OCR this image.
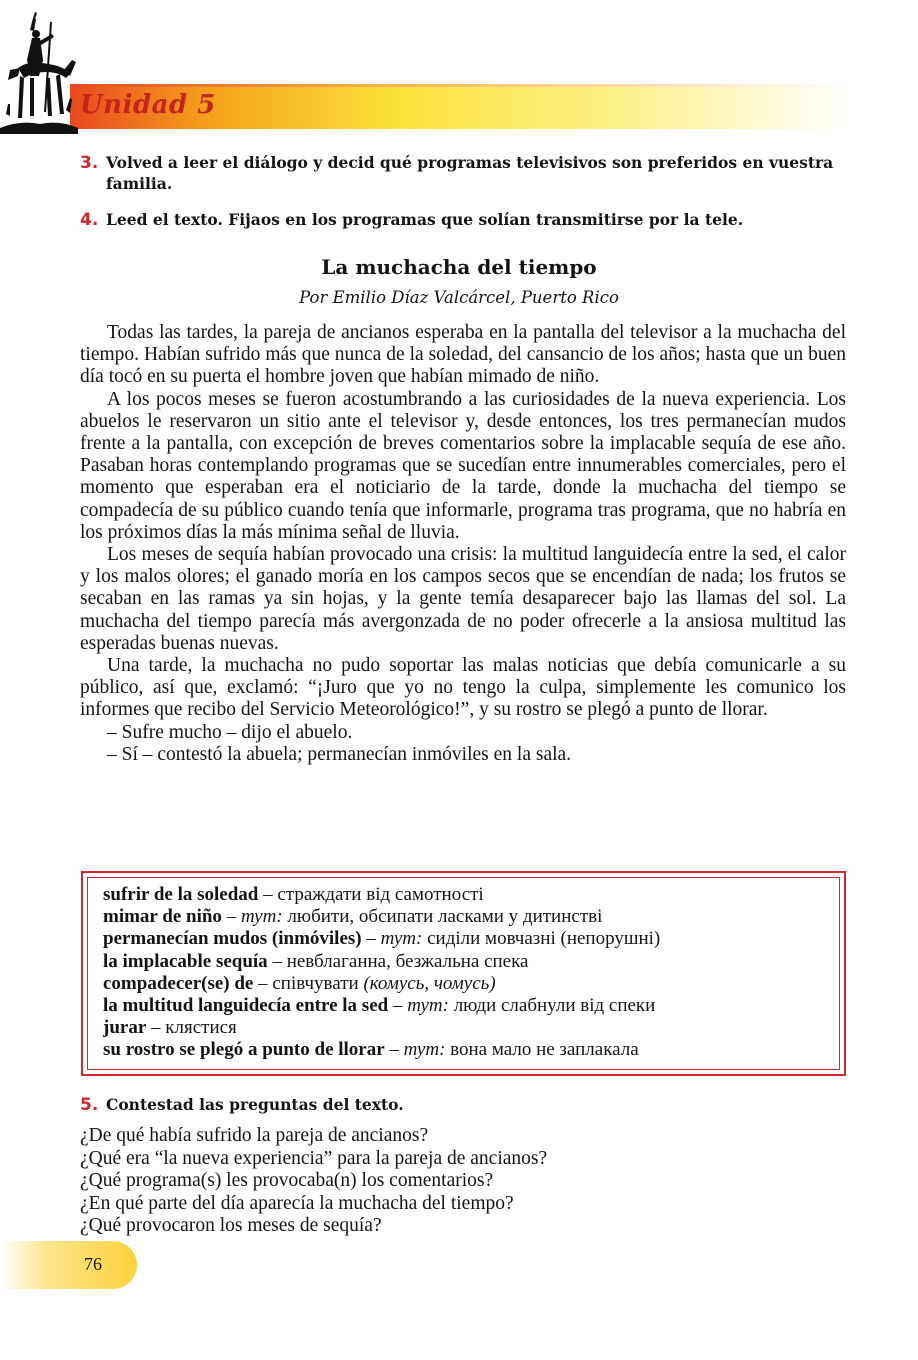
Unidad 5
3. Volved a leer el diálogo y decid qué programas televisivos son preferidos en vuestra familia.
4. Leed el texto. Fijaos en los programas que solían transmitirse por la tele.
La muchacha del tiempo
Por Emilio Díaz Valcárcel, Puerto Rico

Todas las tardes, la pareja de ancianos esperaba en la pantalla del televisor a la muchacha del tiempo. Habían sufrido más que nunca de la soledad, del cansancio de los años; hasta que un buen día tocó en su puerta el hombre joven que habían mimado de niño.

A los pocos meses se fueron acostumbrando a las curiosidades de la nueva experiencia. Los abuelos le reservaron un sitio ante el televisor y, desde entonces, los tres permanecían mudos frente a la pantalla, con excepción de breves comentarios sobre la implacable sequía de ese año. Pasaban horas contemplando programas que se sucedían entre innumerables comerciales, pero el momento que esperaban era el noticiario de la tarde, donde la muchacha del tiempo se compadecía de su público cuando tenía que informarle, programa tras programa, que no habría en los próximos días la más mínima señal de lluvia.

Los meses de sequía habían provocado una crisis: la multitud languidecía entre la sed, el calor y los malos olores; el ganado moría en los campos secos que se encendían de nada; los frutos se secaban en las ramas ya sin hojas, y la gente temía desaparecer bajo las llamas del sol. La muchacha del tiempo parecía más avergonzada de no poder ofrecerle a la ansiosa multitud las esperadas buenas nuevas.

Una tarde, la muchacha no pudo soportar las malas noticias que debía comunicarle a su público, así que, exclamó: “¡Juro que yo no tengo la culpa, simplemente les comunico los informes que recibo del Servicio Meteorológico!”, y su rostro se plegó a punto de llorar.

– Sufre mucho – dijo el abuelo.

– Sí – contestó la abuela; permanecían inmóviles en la sala.

sufrir de la soledad – страждати від самотності
mimar de niño – тут: любити, обсипати ласками у дитинстві
permanecían mudos (inmóviles) – тут: сиділи мовчазні (непорушні)
la implacable sequía – невблаганна, безжальна спека
compadecer(se) de – співчувати (комусь, чомусь)
la multitud languidecía entre la sed – тут: люди слабнули від спеки
jurar – клястися
su rostro se plegó a punto de llorar – тут: вона мало не заплакала
5. Contestad las preguntas del texto.
¿De qué había sufrido la pareja de ancianos?
¿Qué era “la nueva experiencia” para la pareja de ancianos?
¿Qué programa(s) les provocaba(n) los comentarios?
¿En qué parte del día aparecía la muchacha del tiempo?
¿Qué provocaron los meses de sequía?
76
